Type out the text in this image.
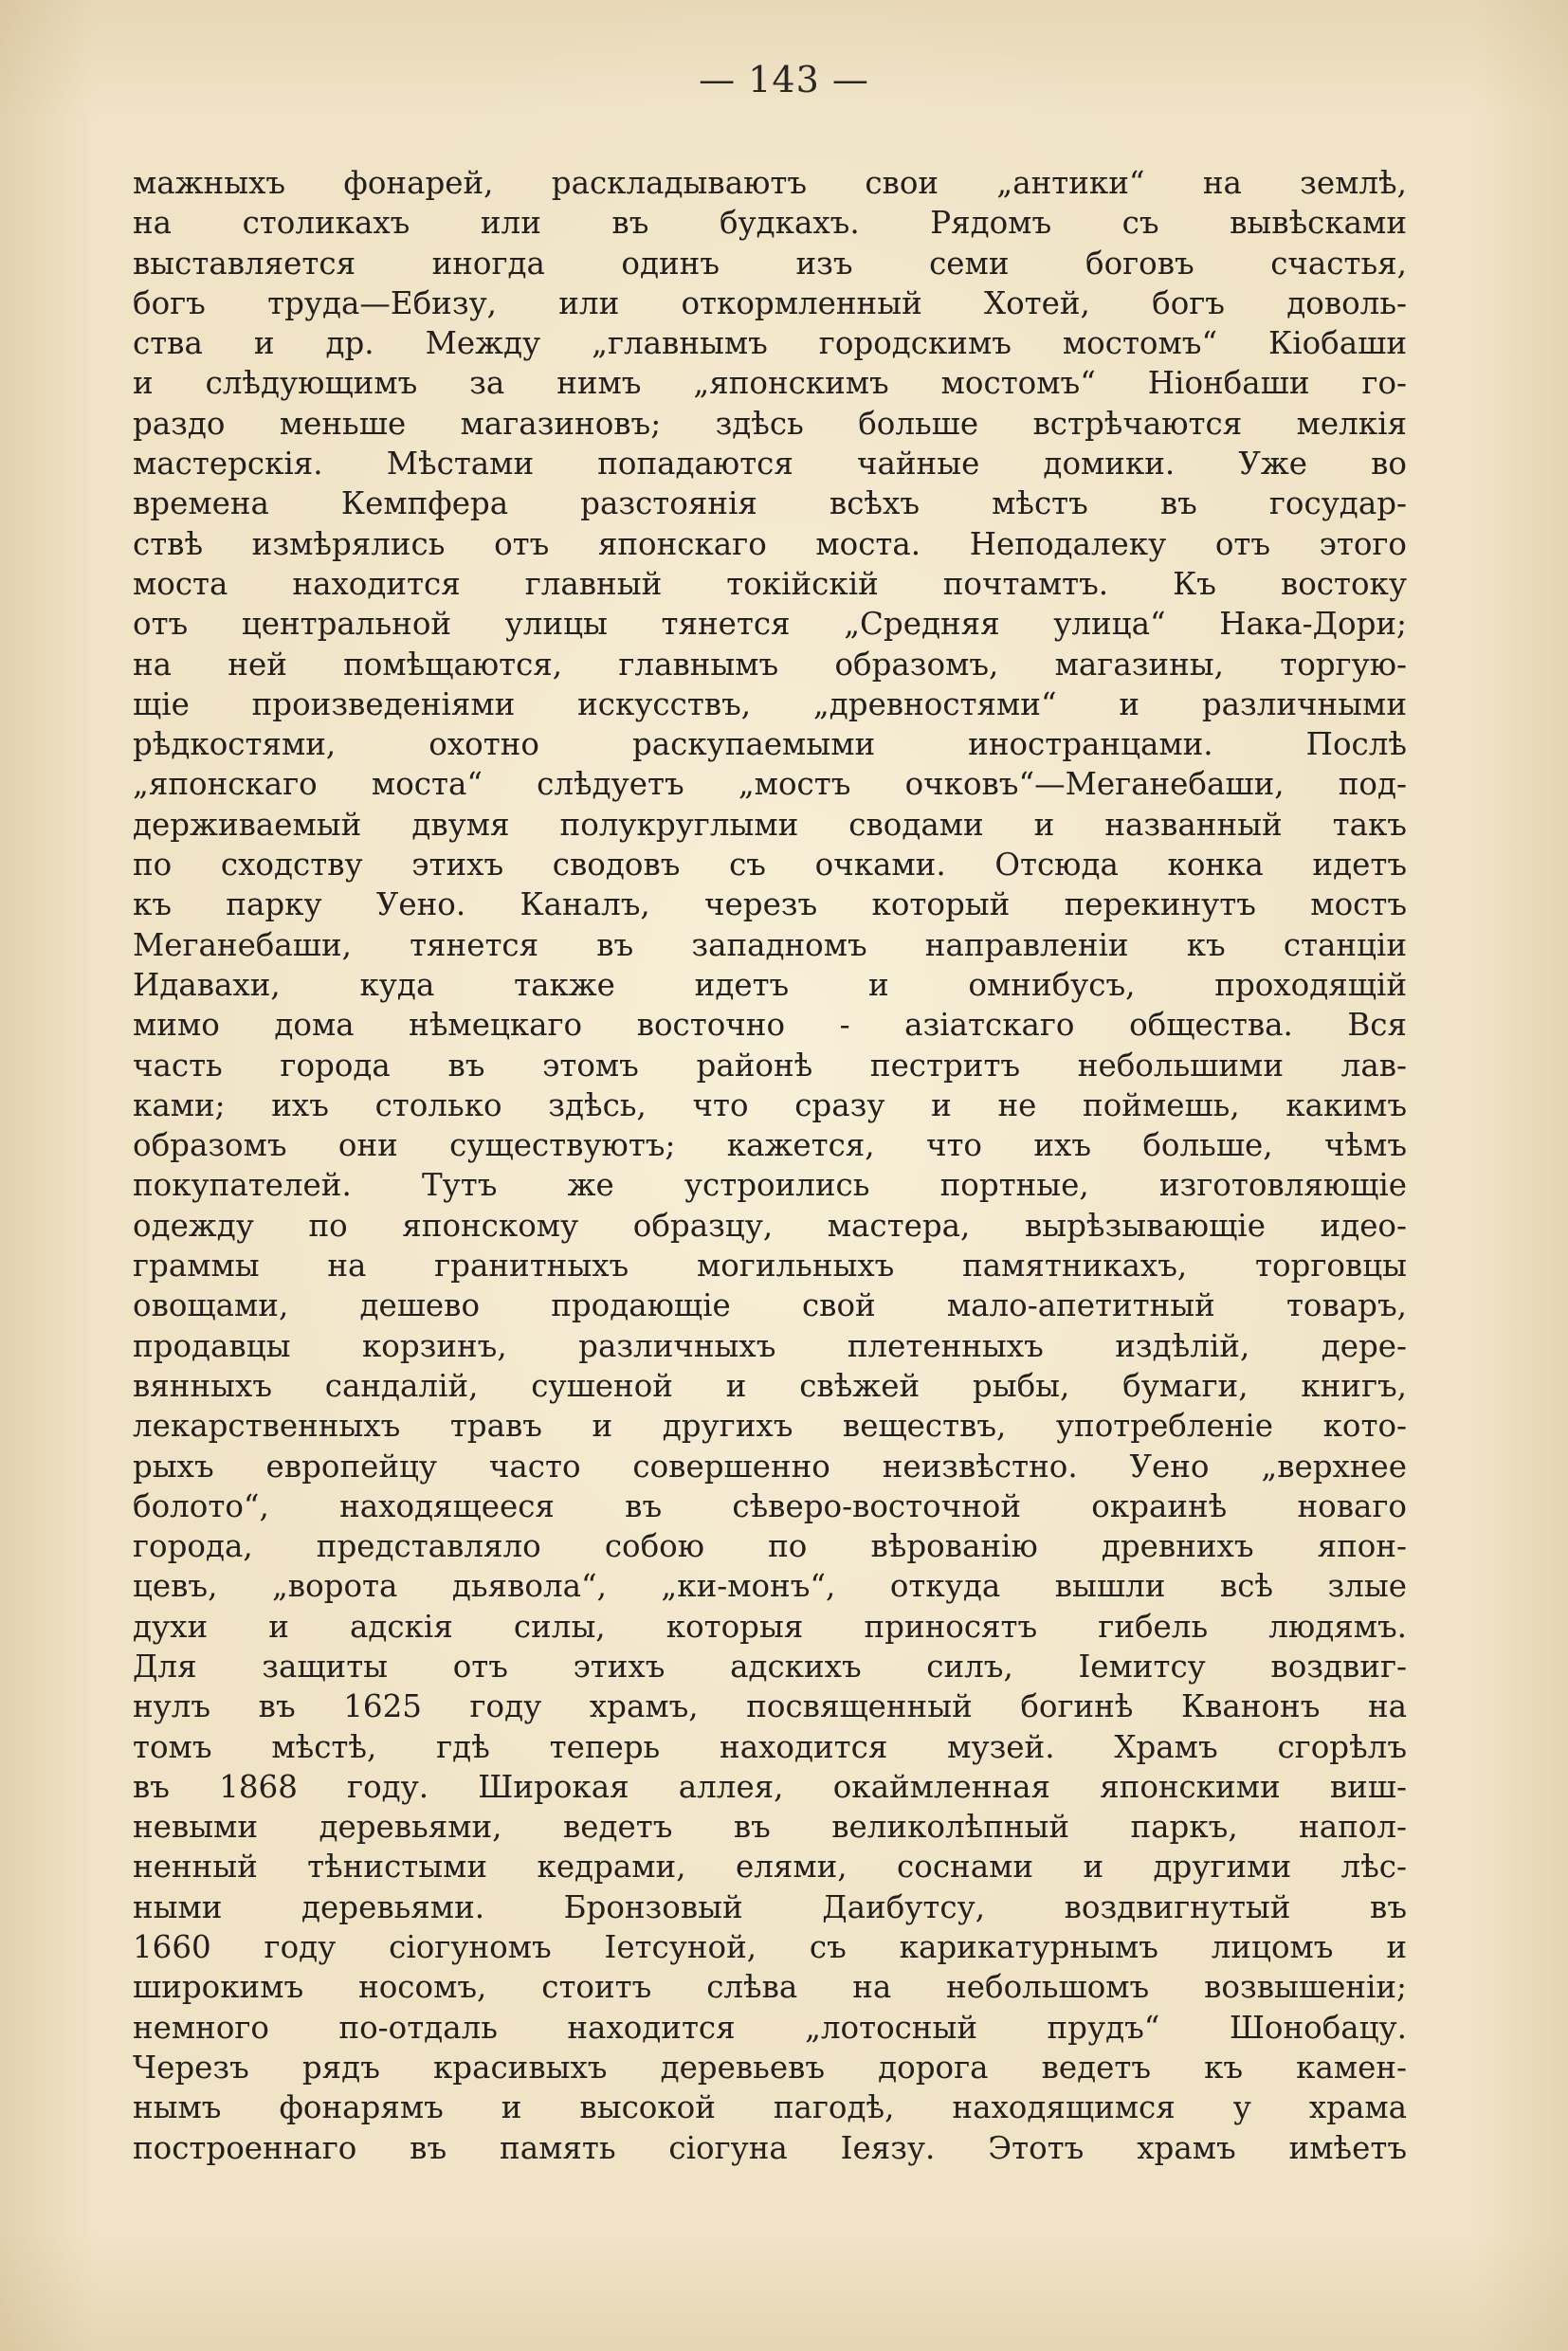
— 143 —
мажныхъ фонарей, раскладываютъ свои „антики“ на землѣ,
на столикахъ или въ будкахъ. Рядомъ съ вывѣсками
выставляется иногда одинъ изъ семи боговъ счастья,
богъ труда—Ебизу, или откормленный Хотей, богъ доволь-
ства и др. Между „главнымъ городскимъ мостомъ“ Кіобаши
и слѣдующимъ за нимъ „японскимъ мостомъ“ Ніонбаши го-
раздо меньше магазиновъ; здѣсь больше встрѣчаются мелкія
мастерскія. Мѣстами попадаются чайные домики. Уже во
времена Кемпфера разстоянія всѣхъ мѣстъ въ государ-
ствѣ измѣрялись отъ японскаго моста. Неподалеку отъ этого
моста находится главный токійскій почтамтъ. Къ востоку
отъ центральной улицы тянется „Средняя улица“ Нака-Дори;
на ней помѣщаются, главнымъ образомъ, магазины, торгую-
щіе произведеніями искусствъ, „древностями“ и различными
рѣдкостями, охотно раскупаемыми иностранцами. Послѣ
„японскаго моста“ слѣдуетъ „мостъ очковъ“—Меганебаши, под-
держиваемый двумя полукруглыми сводами и названный такъ
по сходству этихъ сводовъ съ очками. Отсюда конка идетъ
къ парку Уено. Каналъ, черезъ который перекинутъ мостъ
Меганебаши, тянется въ западномъ направленіи къ станціи
Идавахи, куда также идетъ и омнибусъ, проходящій
мимо дома нѣмецкаго восточно - азіатскаго общества. Вся
часть города въ этомъ районѣ пестритъ небольшими лав-
ками; ихъ столько здѣсь, что сразу и не поймешь, какимъ
образомъ они существуютъ; кажется, что ихъ больше, чѣмъ
покупателей. Тутъ же устроились портные, изготовляющіе
одежду по японскому образцу, мастера, вырѣзывающіе идео-
граммы на гранитныхъ могильныхъ памятникахъ, торговцы
овощами, дешево продающіе свой мало-апетитный товаръ,
продавцы корзинъ, различныхъ плетенныхъ издѣлій, дере-
вянныхъ сандалій, сушеной и свѣжей рыбы, бумаги, книгъ,
лекарственныхъ травъ и другихъ веществъ, употребленіе кото-
рыхъ европейцу часто совершенно неизвѣстно. Уено „верхнее
болото“, находящееся въ сѣверо-восточной окраинѣ новаго
города, представляло собою по вѣрованію древнихъ япон-
цевъ, „ворота дьявола“, „ки-монъ“, откуда вышли всѣ злые
духи и адскія силы, которыя приносятъ гибель людямъ.
Для защиты отъ этихъ адскихъ силъ, Іемитсу воздвиг-
нулъ въ 1625 году храмъ, посвященный богинѣ Кванонъ на
томъ мѣстѣ, гдѣ теперь находится музей. Храмъ сгорѣлъ
въ 1868 году. Широкая аллея, окаймленная японскими виш-
невыми деревьями, ведетъ въ великолѣпный паркъ, напол-
ненный тѣнистыми кедрами, елями, соснами и другими лѣс-
ными деревьями. Бронзовый Даибутсу, воздвигнутый въ
1660 году сіогуномъ Іетсуной, съ карикатурнымъ лицомъ и
широкимъ носомъ, стоитъ слѣва на небольшомъ возвышеніи;
немного по-отдаль находится „лотосный прудъ“ Шонобацу.
Черезъ рядъ красивыхъ деревьевъ дорога ведетъ къ камен-
нымъ фонарямъ и высокой пагодѣ, находящимся у храма
построеннаго въ память сіогуна Іеязу. Этотъ храмъ имѣетъ
